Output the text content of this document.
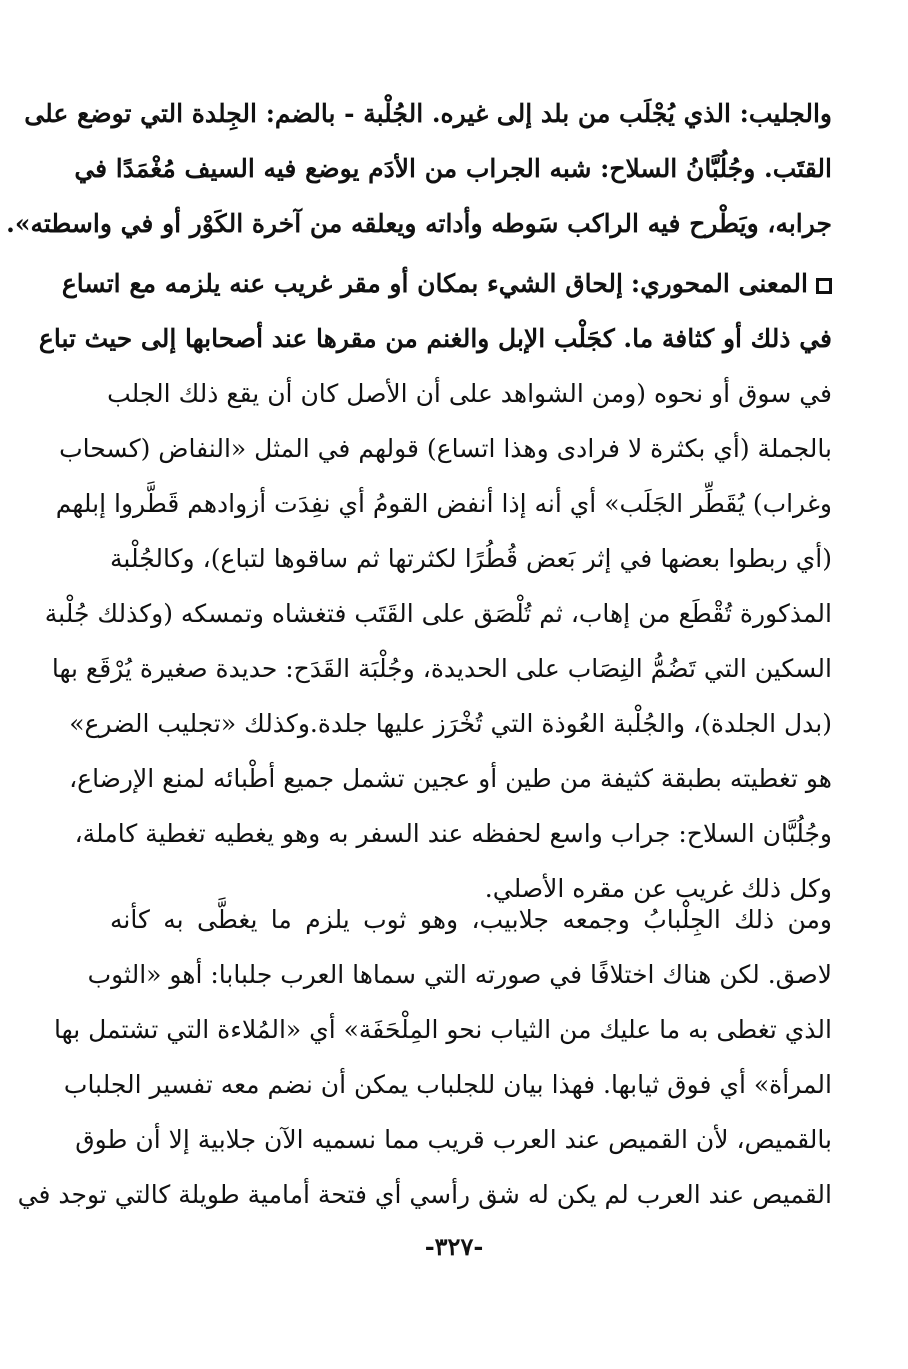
والجليب: الذي يُجْلَب من بلد إلى غيره. الجُلْبة - بالضم: الجِلدة التي توضع على
القتَب. وجُلُبَّانُ السلاح: شبه الجراب من الأدَم يوضع فيه السيف مُغْمَدًا في
جرابه، ويَطْرح فيه الراكب سَوطه وأداته ويعلقه من آخرة الكَوْر أو في واسطته».
المعنى المحوري: إلحاق الشيء بمكان أو مقر غريب عنه يلزمه مع اتساع
في ذلك أو كثافة ما. كجَلْب الإبل والغنم من مقرها عند أصحابها إلى حيث تباع
في سوق أو نحوه (ومن الشواهد على أن الأصل كان أن يقع ذلك الجلب
بالجملة (أي بكثرة لا فرادى وهذا اتساع) قولهم في المثل «النفاض (كسحاب
وغراب) يُقَطِّر الجَلَب» أي أنه إذا أنفض القومُ أي نفِدَت أزوادهم قَطَّروا إبلهم
(أي ربطوا بعضها في إثر بَعض قُطُرًا لكثرتها ثم ساقوها لتباع)، وكالجُلْبة
المذكورة تُقْطَع من إهاب، ثم تُلْصَق على القَتَب فتغشاه وتمسكه (وكذلك جُلْبة
السكين التي تَضُمُّ النِصَاب على الحديدة، وجُلْبَة القَدَح: حديدة صغيرة يُرْقَع بها
(بدل الجلدة)، والجُلْبة العُوذة التي تُخْرَز عليها جلدة.وكذلك «تجليب الضرع»
هو تغطيته بطبقة كثيفة من طين أو عجين تشمل جميع أطْبائه لمنع الإرضاع،
وجُلُبَّان السلاح: جراب واسع لحفظه عند السفر به وهو يغطيه تغطية كاملة،
وكل ذلك غريب عن مقره الأصلي.
ومن ذلك الجِلْبابُ وجمعه جلابيب، وهو ثوب يلزم ما يغطَّى به كأنه
لاصق. لكن هناك اختلافًا في صورته التي سماها العرب جلبابا: أهو «الثوب
الذي تغطى به ما عليك من الثياب نحو المِلْحَفَة» أي «المُلاءة التي تشتمل بها
المرأة» أي فوق ثيابها. فهذا بيان للجلباب يمكن أن نضم معه تفسير الجلباب
بالقميص، لأن القميص عند العرب قريب مما نسميه الآن جلابية إلا أن طوق
القميص عند العرب لم يكن له شق رأسي أي فتحة أمامية طويلة كالتي توجد في
-٣٢٧-
